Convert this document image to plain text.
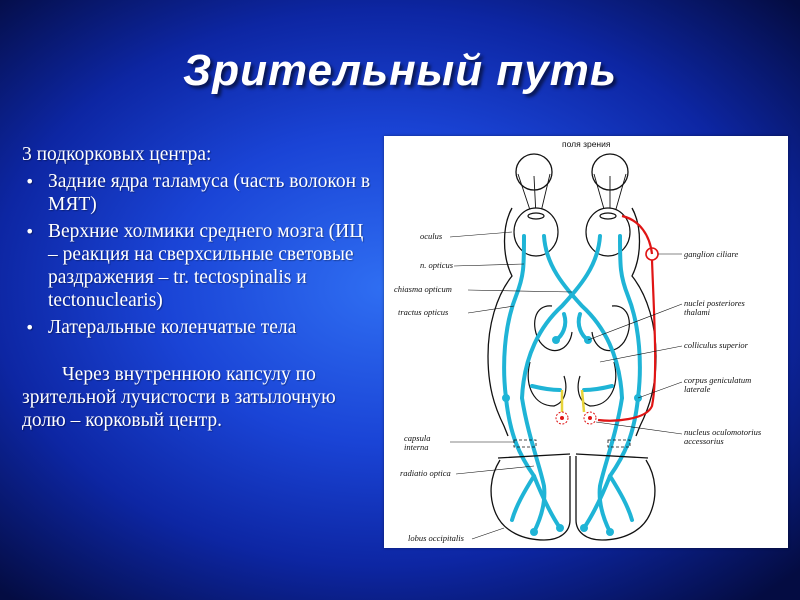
Зрительный путь
3 подкорковых центра:
• Задние ядра таламуса (часть волокон в МЯТ)
• Верхние холмики среднего мозга (ИЦ – реакция на сверхсильные световые раздражения – tr. tectospinalis и tectonuclearis)
• Латеральные коленчатые тела
Через внутреннюю капсулу по зрительной лучистости в затылочную долю – корковый центр.
поля зрения
oculus
n. opticus
chiasma opticum
tractus opticus
capsula
interna
radiatio optica
lobus occipitalis
ganglion ciliare
nuclei posteriores
thalami
colliculus superior
corpus geniculatum
laterale
nucleus oculomotorius
accessorius
